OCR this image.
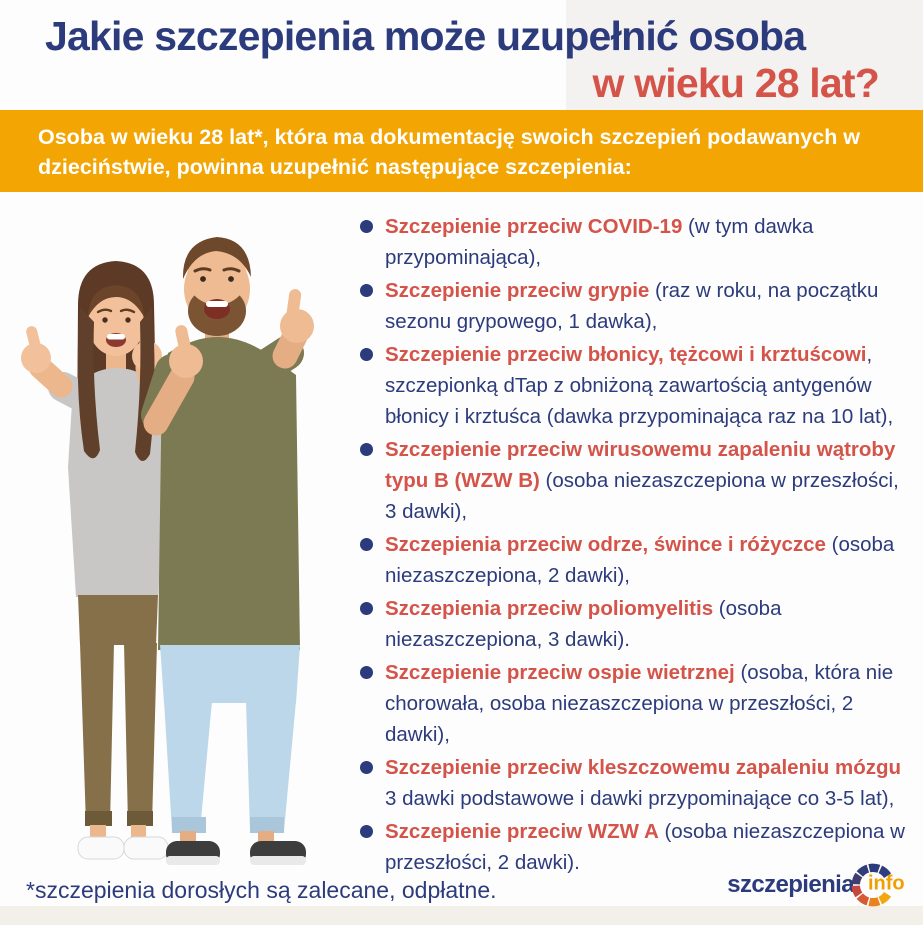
Jakie szczepienia może uzupełnić osoba
w wieku 28 lat?

Osoba w wieku 28 lat*, która ma dokumentację swoich szczepień podawanych w dzieciństwie, powinna uzupełnić następujące szczepienia:

Szczepienie przeciw COVID-19 (w tym dawka przypominająca),
Szczepienie przeciw grypie (raz w roku, na początku sezonu grypowego, 1 dawka),
Szczepienie przeciw błonicy, tężcowi i krztuścowi, szczepionką dTap z obniżoną zawartością antygenów błonicy i krztuśca (dawka przypominająca raz na 10 lat),
Szczepienie przeciw wirusowemu zapaleniu wątroby typu B (WZW B) (osoba niezaszczepiona w przeszłości, 3 dawki),
Szczepienia przeciw odrze, śwince i różyczce (osoba niezaszczepiona, 2 dawki),
Szczepienia przeciw poliomyelitis (osoba niezaszczepiona, 3 dawki).
Szczepienie przeciw ospie wietrznej (osoba, która nie chorowała, osoba niezaszczepiona w przeszłości, 2 dawki),
Szczepienie przeciw kleszczowemu zapaleniu mózgu 3 dawki podstawowe i dawki przypominające co 3-5 lat),
Szczepienie przeciw WZW A (osoba niezaszczepiona w przeszłości, 2 dawki).

*szczepienia dorosłych są zalecane, odpłatne.	szczepienia info
